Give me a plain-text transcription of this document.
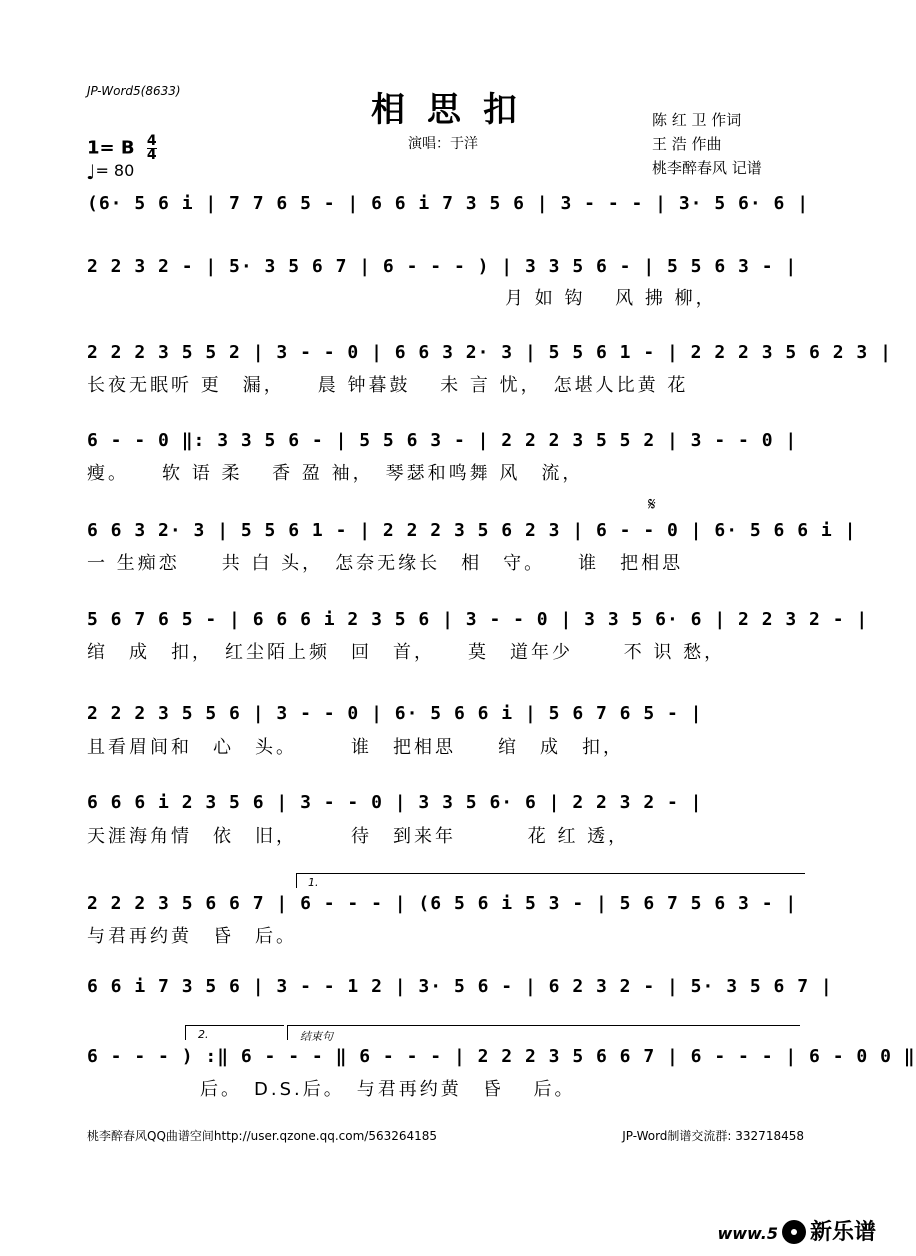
JP-Word5(8633)	相思扣
演唱：于洋
陈 红 卫 作词
王 浩 作曲
桃李醉春风 记谱
1= B $\frac{4}{4}$
♩= 80
(6· 5 6 i | 7 7 6 5 - | 6 6 i 7 3 5 6 | 3 - - - | 3· 5 6· 6 |
2 2 3 2 - | 5· 3 5 6 7 | 6 - - - ) | 3 3 5 6 - | 5 5 6 3 - |
月 如 钩　 风 拂 柳，
2 2 2 3 5 5 2 | 3 - - 0 | 6 6 3 2· 3 | 5 5 6 1 - | 2 2 2 3 5 6 2 3 |
长夜无眠听 更　漏，　　晨 钟暮鼓　 未 言 忧，　怎堪人比黄 花
6 - - 0 ‖: 3 3 5 6 - | 5 5 6 3 - | 2 2 2 3 5 5 2 | 3 - - 0 |
瘦。　　软 语 柔　 香 盈 袖，　琴瑟和鸣舞 风　流，
𝄋
6 6 3 2· 3 | 5 5 6 1 - | 2 2 2 3 5 6 2 3 | 6 - - 0 | 6· 5 6 6 i |
一 生痴恋　　共 白 头，　怎奈无缘长　相　守。　　谁　把相思
5 6 7 6 5 - | 6 6 6 i 2 3 5 6 | 3 - - 0 | 3 3 5 6· 6 | 2 2 3 2 - |
绾　成　扣，　红尘陌上频　回　首，　　莫　道年少　　 不 识 愁，
2 2 2 3 5 5 6 | 3 - - 0 | 6· 5 6 6 i | 5 6 7 6 5 - |
且看眉间和　心　头。　　　谁　把相思　　绾　成　扣，
6 6 6 i 2 3 5 6 | 3 - - 0 | 3 3 5 6· 6 | 2 2 3 2 - |
天涯海角情　依　旧，　　　待　到来年　　　 花 红 透，
1.
2 2 2 3 5 6 6 7 | 6 - - - | (6 5 6 i 5 3 - | 5 6 7 5 6 3 - |
与君再约黄　昏　后。
6 6 i 7 3 5 6 | 3 - - 1 2 | 3· 5 6 - | 6 2 3 2 - | 5· 3 5 6 7 |
2.	结束句
6 - - - ) :‖ 6 - - - ‖ 6 - - - | 2 2 2 3 5 6 6 7 | 6 - - - | 6 - 0 0 ‖
后。　D.S.后。　与君再约黄　昏　 后。
桃李醉春风QQ曲谱空间http://user.qzone.qq.com/563264185	JP-Word制谱交流群: 332718458
www.5 新乐谱
